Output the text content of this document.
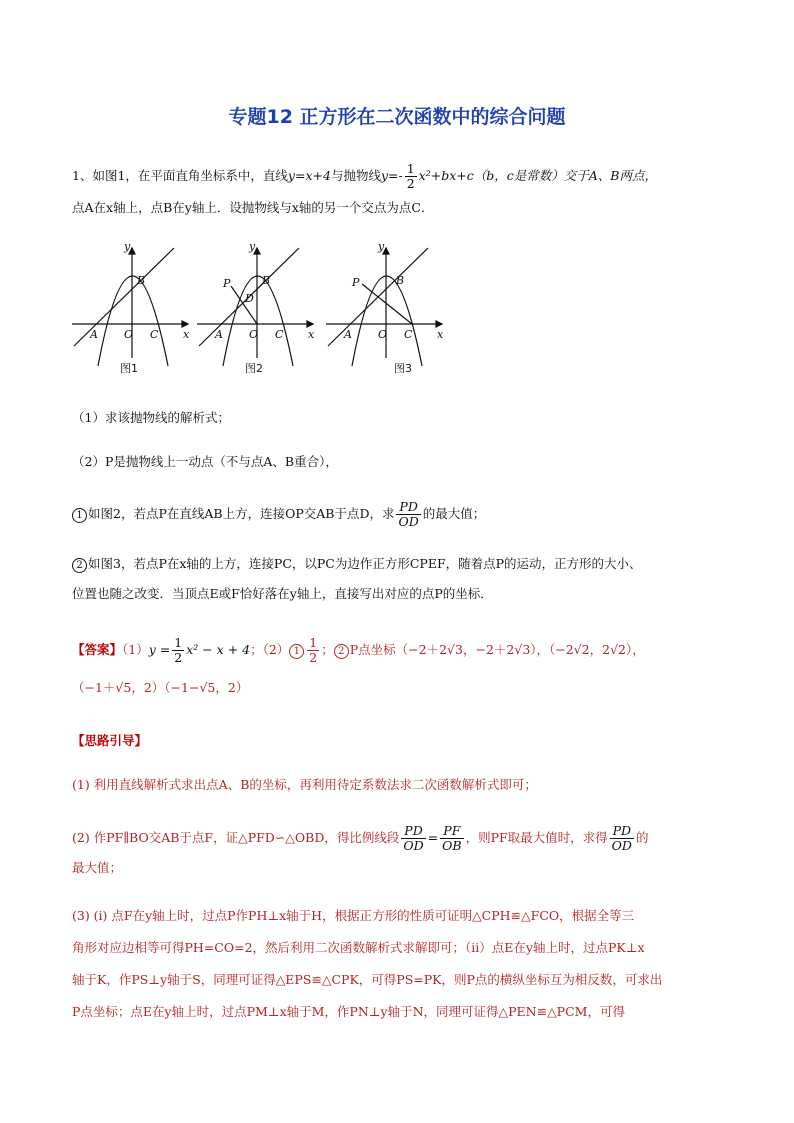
专题12 正方形在二次函数中的综合问题
1、如图1，在平面直角坐标系中，直线y=x+4与抛物线$y=- \frac{1}{2} x^2+bx+c(b$，c是常数）交于A、B两点，
点A在x轴上，点B在y轴上．设抛物线与x轴的另一个交点为点C．
y
x
B
A O C
图1
y
x
B
P
D
A O C
图2
y
x
B
P
A O C
图3
（1）求该抛物线的解析式；
（2）P是抛物线上一动点（不与点A、B重合），
1 如图2，若点P在直线AB上方，连接OP交AB于点D，求 $\frac{PD}{OD}$ 的最大值；
2 如图3，若点P在x轴的上方，连接PC，以PC为边作正方形CPEF，随着点P的运动，正方形的大小、
位置也随之改变．当顶点E或F恰好落在y轴上，直接写出对应的点P的坐标．
【答案】$(1)y = \frac{1}{2} x^2 - x + 4$；（2） $1 \frac{1}{2}$ ； 2 P点坐标（−2＋2√3，−2＋2√3），（−2√2，2√2），
（−1＋√5，2）（−1−√5，2）
【思路引导】
(1) 利用直线解析式求出点A、B的坐标，再利用待定系数法求二次函数解析式即可；
(2) 作PF∥BO交AB于点F，证△PFD∽△OBD，得比例线段 $\frac{PD}{OD} = \frac{PF}{OB}$ ，则PF取最大值时，求得 $\frac{PD}{OD}$ 的
最大值；
(3) (i) 点F在y轴上时，过点P作PH⊥x轴于H，根据正方形的性质可证明△CPH≌△FCO，根据全等三
角形对应边相等可得PH=CO=2，然后利用二次函数解析式求解即可；（ii）点E在y轴上时，过点PK⊥x
轴于K，作PS⊥y轴于S，同理可证得△EPS≌△CPK，可得PS=PK，则P点的横纵坐标互为相反数，可求出
P点坐标；点E在y轴上时，过点PM⊥x轴于M，作PN⊥y轴于N，同理可证得△PEN≌△PCM，可得
